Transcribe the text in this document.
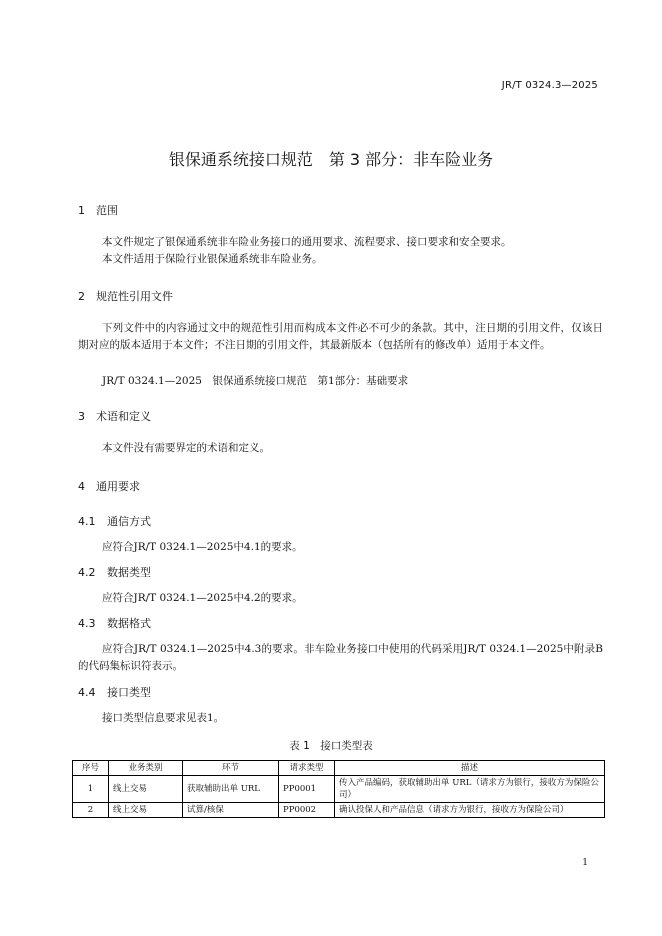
JR/T 0324.3—2025
银保通系统接口规范　第 3 部分：非车险业务
1 范围
本文件规定了银保通系统非车险业务接口的通用要求、流程要求、接口要求和安全要求。
本文件适用于保险行业银保通系统非车险业务。
2 规范性引用文件
下列文件中的内容通过文中的规范性引用而构成本文件必不可少的条款。其中，注日期的引用文件，仅该日期对应的版本适用于本文件；不注日期的引用文件，其最新版本（包括所有的修改单）适用于本文件。
JR/T 0324.1—2025　银保通系统接口规范　第1部分：基础要求
3 术语和定义
本文件没有需要界定的术语和定义。
4 通用要求
4.1 通信方式
应符合JR/T 0324.1—2025中4.1的要求。
4.2 数据类型
应符合JR/T 0324.1—2025中4.2的要求。
4.3 数据格式
应符合JR/T 0324.1—2025中4.3的要求。非车险业务接口中使用的代码采用JR/T 0324.1—2025中附录B的代码集标识符表示。
4.4 接口类型
接口类型信息要求见表1。
表 1　接口类型表
序号	业务类别	环节	请求类型	描述
1	线上交易	获取辅助出单 URL	PP0001	传入产品编码，获取辅助出单 URL（请求方为银行，接收方为保险公司）
2	线上交易	试算/核保	PP0002	确认投保人和产品信息（请求方为银行，接收方为保险公司）
1
